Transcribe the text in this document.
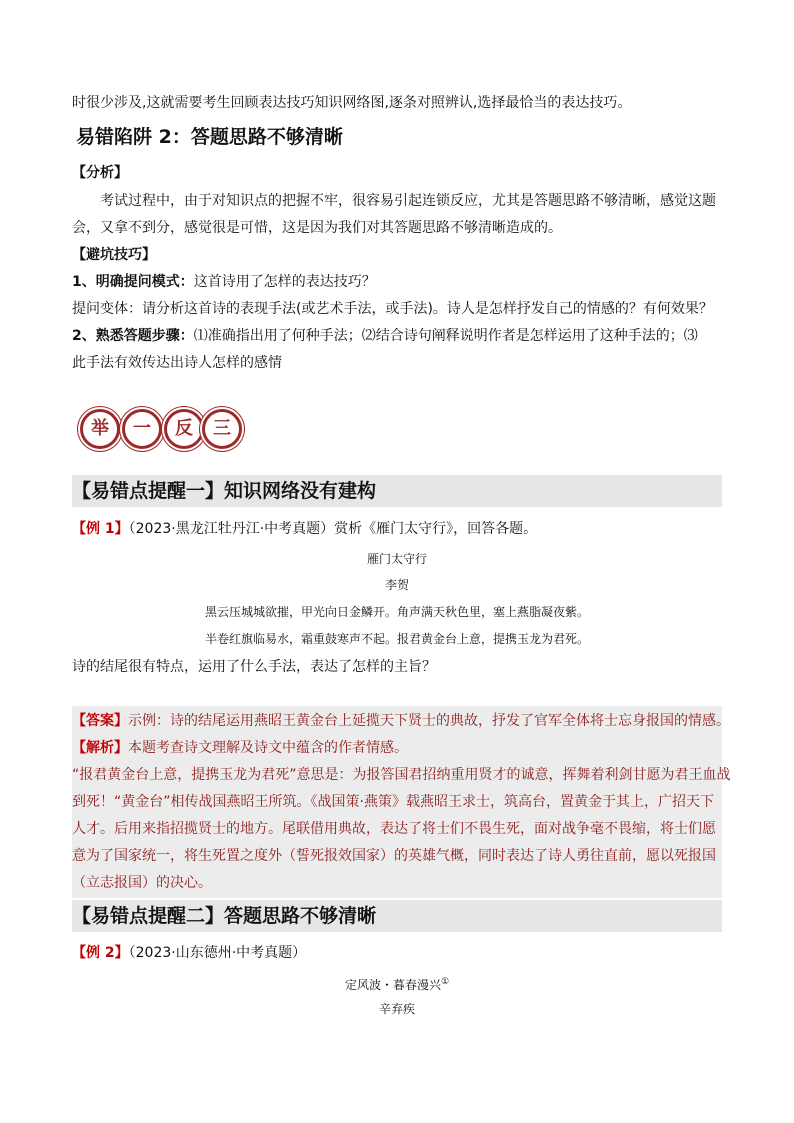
时很少涉及,这就需要考生回顾表达技巧知识网络图,逐条对照辨认,选择最恰当的表达技巧。
易错陷阱 2：答题思路不够清晰
【分析】
考试过程中，由于对知识点的把握不牢，很容易引起连锁反应，尤其是答题思路不够清晰，感觉这题
会，又拿不到分，感觉很是可惜，这是因为我们对其答题思路不够清晰造成的。
【避坑技巧】
1、明确提问模式：这首诗用了怎样的表达技巧？
提问变体：请分析这首诗的表现手法(或艺术手法，或手法)。诗人是怎样抒发自己的情感的？有何效果？
2、熟悉答题步骤：⑴准确指出用了何种手法；⑵结合诗句阐释说明作者是怎样运用了这种手法的；⑶
此手法有效传达出诗人怎样的感情
举	一	反	三
【易错点提醒一】知识网络没有建构
【例 1】（2023·黑龙江牡丹江·中考真题）赏析《雁门太守行》，回答各题。
雁门太守行
李贺
黑云压城城欲摧，甲光向日金鳞开。角声满天秋色里，塞上燕脂凝夜紫。
半卷红旗临易水，霜重鼓寒声不起。报君黄金台上意，提携玉龙为君死。
诗的结尾很有特点，运用了什么手法，表达了怎样的主旨？
【答案】示例：诗的结尾运用燕昭王黄金台上延揽天下贤士的典故，抒发了官军全体将士忘身报国的情感。
【解析】本题考查诗文理解及诗文中蕴含的作者情感。
“报君黄金台上意，提携玉龙为君死”意思是：为报答国君招纳重用贤才的诚意，挥舞着利剑甘愿为君王血战
到死！“黄金台”相传战国燕昭王所筑。《战国策·燕策》载燕昭王求士，筑高台，置黄金于其上，广招天下
人才。后用来指招揽贤士的地方。尾联借用典故，表达了将士们不畏生死，面对战争毫不畏缩，将士们愿
意为了国家统一，将生死置之度外（誓死报效国家）的英雄气概，同时表达了诗人勇往直前，愿以死报国
（立志报国）的决心。
【易错点提醒二】答题思路不够清晰
【例 2】（2023·山东德州·中考真题）
定风波・暮春漫兴①
辛弃疾
